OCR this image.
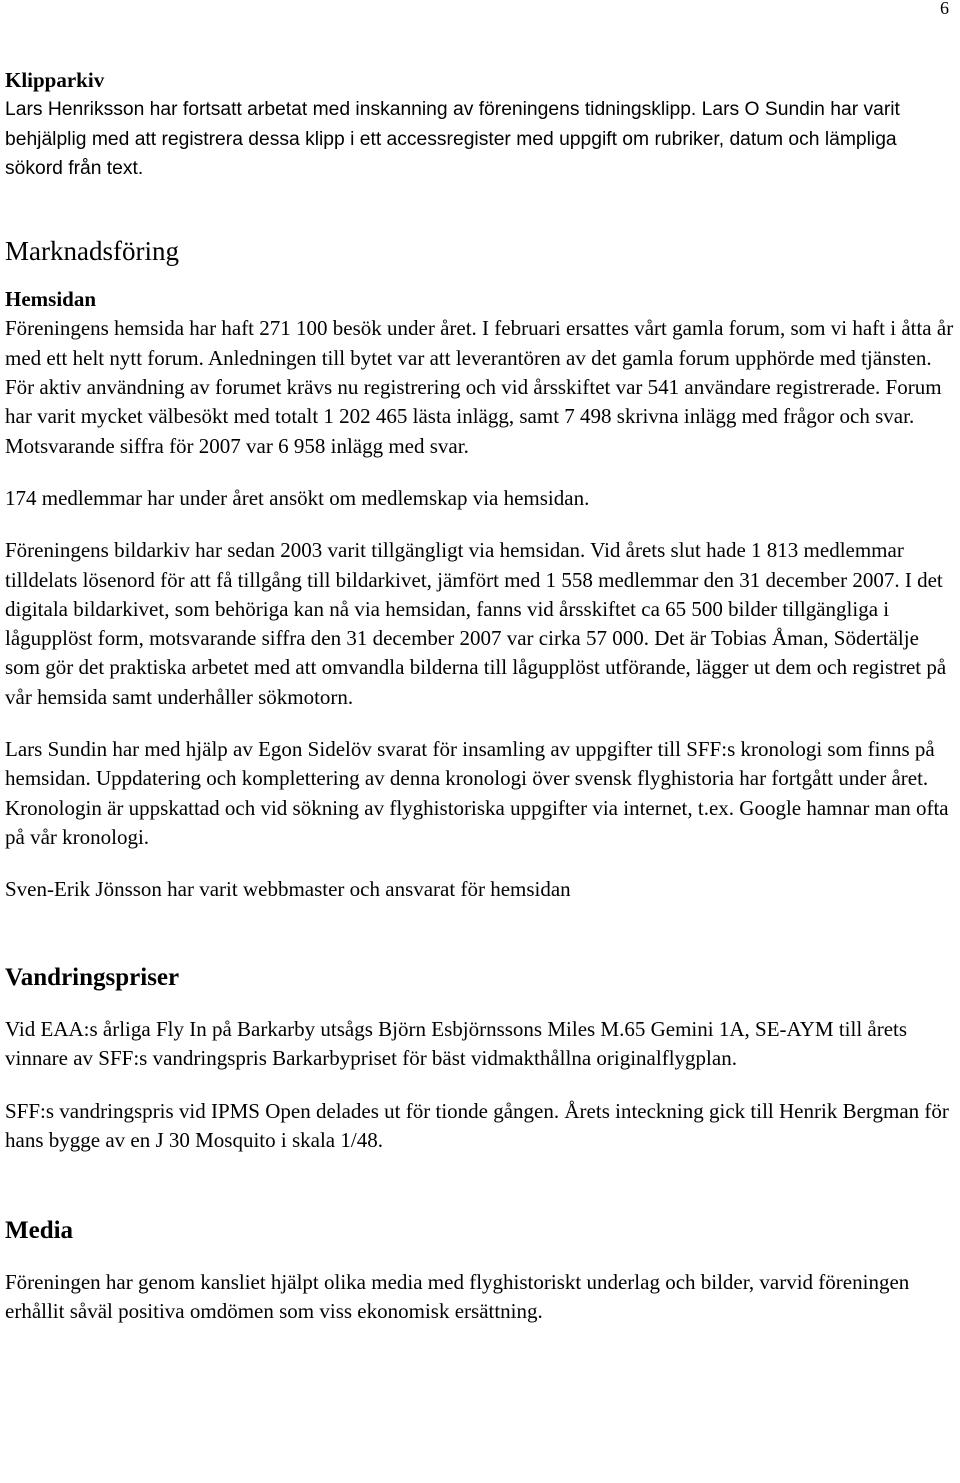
6
Klipparkiv

Lars Henriksson har fortsatt arbetat med inskanning av föreningens tidningsklipp. Lars O Sundin har varit behjälplig med att registrera dessa klipp i ett accessregister med uppgift om rubriker, datum och lämpliga sökord från text.

Marknadsföring
Hemsidan

Föreningens hemsida har haft 271 100 besök under året. I februari ersattes vårt gamla forum, som vi haft i åtta år med ett helt nytt forum. Anledningen till bytet var att leverantören av det gamla forum upphörde med tjänsten. För aktiv användning av forumet krävs nu registrering och vid årsskiftet var 541 användare registrerade. Forum har varit mycket välbesökt med totalt 1 202 465 lästa inlägg, samt 7 498 skrivna inlägg med frågor och svar. Motsvarande siffra för 2007 var 6 958 inlägg med svar.

174 medlemmar har under året ansökt om medlemskap via hemsidan.

Föreningens bildarkiv har sedan 2003 varit tillgängligt via hemsidan. Vid årets slut hade 1 813 medlemmar tilldelats lösenord för att få tillgång till bildarkivet, jämfört med 1 558 medlemmar den 31 december 2007. I det digitala bildarkivet, som behöriga kan nå via hemsidan, fanns vid årsskiftet ca 65 500 bilder tillgängliga i lågupplöst form, motsvarande siffra den 31 december 2007 var cirka 57 000. Det är Tobias Åman, Södertälje som gör det praktiska arbetet med att omvandla bilderna till lågupplöst utförande, lägger ut dem och registret på vår hemsida samt underhåller sökmotorn.

Lars Sundin har med hjälp av Egon Sidelöv svarat för insamling av uppgifter till SFF:s kronologi som finns på hemsidan. Uppdatering och komplettering av denna kronologi över svensk flyghistoria har fortgått under året. Kronologin är uppskattad och vid sökning av flyghistoriska uppgifter via internet, t.ex. Google hamnar man ofta på vår kronologi.

Sven-Erik Jönsson har varit webbmaster och ansvarat för hemsidan

Vandringspriser

Vid EAA:s årliga Fly In på Barkarby utsågs Björn Esbjörnssons Miles M.65 Gemini 1A, SE-AYM till årets vinnare av SFF:s vandringspris Barkarbypriset för bäst vidmakthållna originalflygplan.

SFF:s vandringspris vid IPMS Open delades ut för tionde gången. Årets inteckning gick till Henrik Bergman för hans bygge av en J 30 Mosquito i skala 1/48.

Media

Föreningen har genom kansliet hjälpt olika media med flyghistoriskt underlag och bilder, varvid föreningen erhållit såväl positiva omdömen som viss ekonomisk ersättning.
